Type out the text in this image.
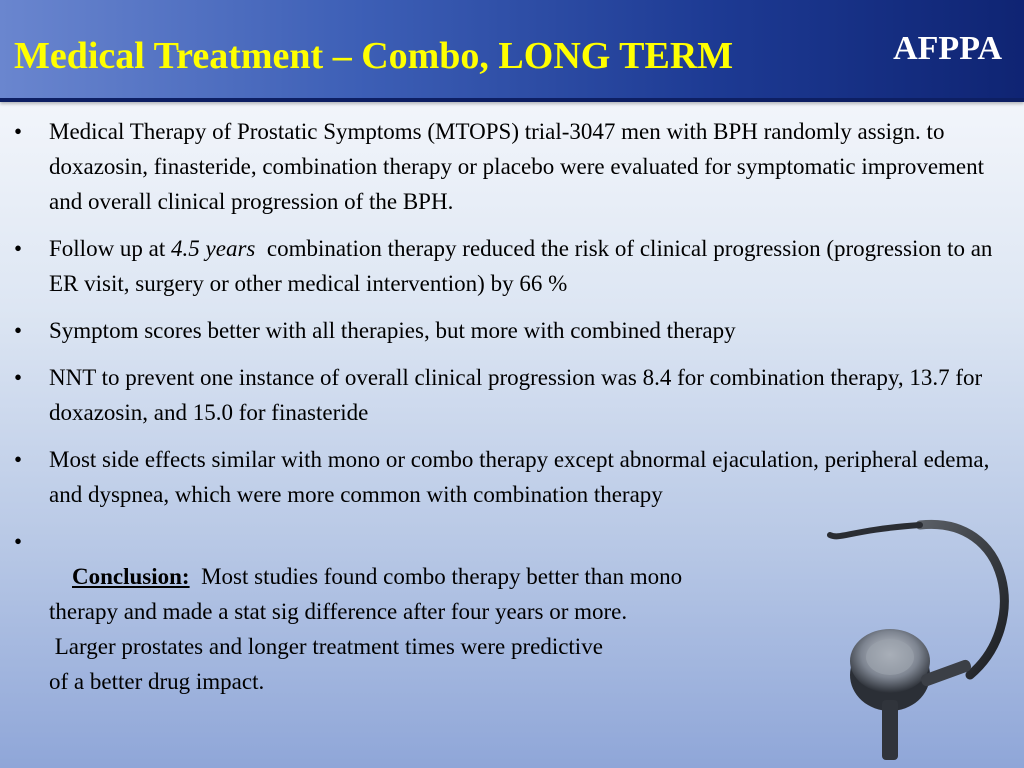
Medical Treatment – Combo, LONG TERM	AFPPA
• Medical Therapy of Prostatic Symptoms (MTOPS) trial-3047 men with BPH randomly assign. to doxazosin, finasteride, combination therapy or placebo were evaluated for symptomatic improvement and overall clinical progression of the BPH.
• Follow up at 4.5 years  combination therapy reduced the risk of clinical progression (progression to an ER visit, surgery or other medical intervention) by 66 %
• Symptom scores better with all therapies, but more with combined therapy
• NNT to prevent one instance of overall clinical progression was 8.4 for combination therapy, 13.7 for doxazosin, and 15.0 for finasteride
• Most side effects similar with mono or combo therapy except abnormal ejaculation, peripheral edema, and dyspnea, which were more common with combination therapy

•
Conclusion:  Most studies found combo therapy better than mono
therapy and made a stat sig difference after four years or more.
Larger prostates and longer treatment times were predictive
of a better drug impact.
